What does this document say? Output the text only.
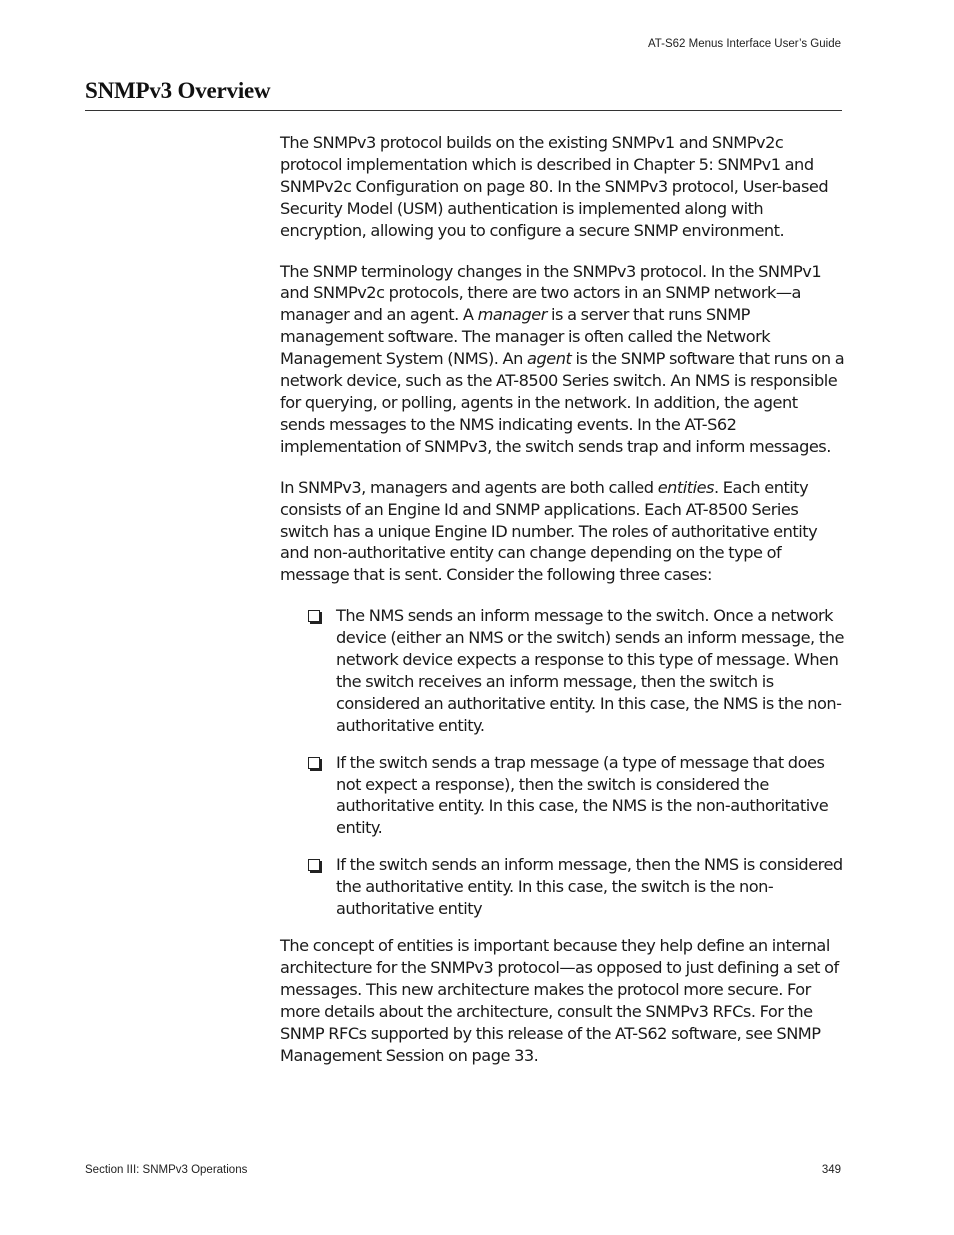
AT-S62 Menus Interface User’s Guide
SNMPv3 Overview

The SNMPv3 protocol builds on the existing SNMPv1 and SNMPv2c protocol implementation which is described in Chapter 5: SNMPv1 and SNMPv2c Configuration on page 80. In the SNMPv3 protocol, User-based Security Model (USM) authentication is implemented along with encryption, allowing you to configure a secure SNMP environment.

The SNMP terminology changes in the SNMPv3 protocol. In the SNMPv1 and SNMPv2c protocols, there are two actors in an SNMP network—a manager and an agent. A manager is a server that runs SNMP management software. The manager is often called the Network Management System (NMS). An agent is the SNMP software that runs on a network device, such as the AT-8500 Series switch. An NMS is responsible for querying, or polling, agents in the network. In addition, the agent sends messages to the NMS indicating events. In the AT-S62 implementation of SNMPv3, the switch sends trap and inform messages.

In SNMPv3, managers and agents are both called entities. Each entity consists of an Engine Id and SNMP applications. Each AT-8500 Series switch has a unique Engine ID number. The roles of authoritative entity and non-authoritative entity can change depending on the type of message that is sent. Consider the following three cases:

The NMS sends an inform message to the switch. Once a network device (either an NMS or the switch) sends an inform message, the network device expects a response to this type of message. When the switch receives an inform message, then the switch is considered an authoritative entity. In this case, the NMS is the non-authoritative entity.
If the switch sends a trap message (a type of message that does not expect a response), then the switch is considered the authoritative entity. In this case, the NMS is the non-authoritative entity.
If the switch sends an inform message, then the NMS is considered the authoritative entity. In this case, the switch is the non-authoritative entity

The concept of entities is important because they help define an internal architecture for the SNMPv3 protocol—as opposed to just defining a set of messages. This new architecture makes the protocol more secure. For more details about the architecture, consult the SNMPv3 RFCs. For the SNMP RFCs supported by this release of the AT-S62 software, see SNMP Management Session on page 33.

Section III: SNMPv3 Operations	349
